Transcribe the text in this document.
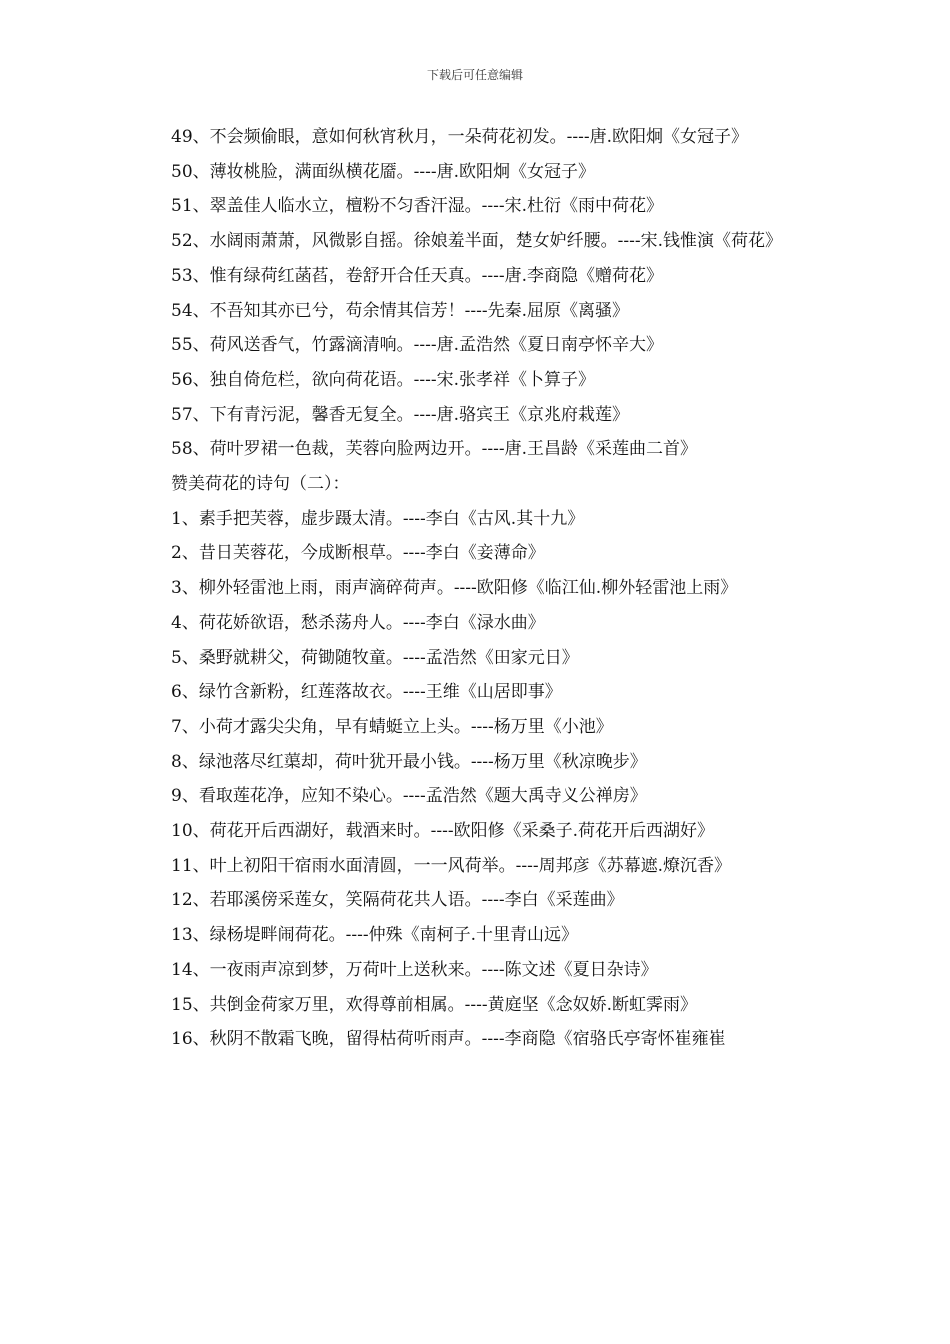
下载后可任意编辑

49、不会频偷眼，意如何秋宵秋月，一朵荷花初发。----唐.欧阳炯《女冠子》

50、薄妆桃脸，满面纵横花靥。----唐.欧阳炯《女冠子》

51、翠盖佳人临水立，檀粉不匀香汗湿。----宋.杜衍《雨中荷花》

52、水阔雨萧萧，风微影自摇。徐娘羞半面，楚女妒纤腰。----宋.钱惟演《荷花》

53、惟有绿荷红菡萏，卷舒开合任天真。----唐.李商隐《赠荷花》

54、不吾知其亦已兮，苟余情其信芳！----先秦.屈原《离骚》

55、荷风送香气，竹露滴清响。----唐.孟浩然《夏日南亭怀辛大》

56、独自倚危栏，欲向荷花语。----宋.张孝祥《卜算子》

57、下有青污泥，馨香无复全。----唐.骆宾王《京兆府栽莲》

58、荷叶罗裙一色裁，芙蓉向脸两边开。----唐.王昌龄《采莲曲二首》

赞美荷花的诗句（二）：

1、素手把芙蓉，虚步蹑太清。----李白《古风.其十九》

2、昔日芙蓉花，今成断根草。----李白《妾薄命》

3、柳外轻雷池上雨，雨声滴碎荷声。----欧阳修《临江仙.柳外轻雷池上雨》

4、荷花娇欲语，愁杀荡舟人。----李白《渌水曲》

5、桑野就耕父，荷锄随牧童。----孟浩然《田家元日》

6、绿竹含新粉，红莲落故衣。----王维《山居即事》

7、小荷才露尖尖角，早有蜻蜓立上头。----杨万里《小池》

8、绿池落尽红蕖却，荷叶犹开最小钱。----杨万里《秋凉晚步》

9、看取莲花净，应知不染心。----孟浩然《题大禹寺义公禅房》

10、荷花开后西湖好，载酒来时。----欧阳修《采桑子.荷花开后西湖好》

11、叶上初阳干宿雨水面清圆，一一风荷举。----周邦彦《苏幕遮.燎沉香》

12、若耶溪傍采莲女，笑隔荷花共人语。----李白《采莲曲》

13、绿杨堤畔闹荷花。----仲殊《南柯子.十里青山远》

14、一夜雨声凉到梦，万荷叶上送秋来。----陈文述《夏日杂诗》

15、共倒金荷家万里，欢得尊前相属。----黄庭坚《念奴娇.断虹霁雨》

16、秋阴不散霜飞晚，留得枯荷听雨声。----李商隐《宿骆氏亭寄怀崔雍崔
